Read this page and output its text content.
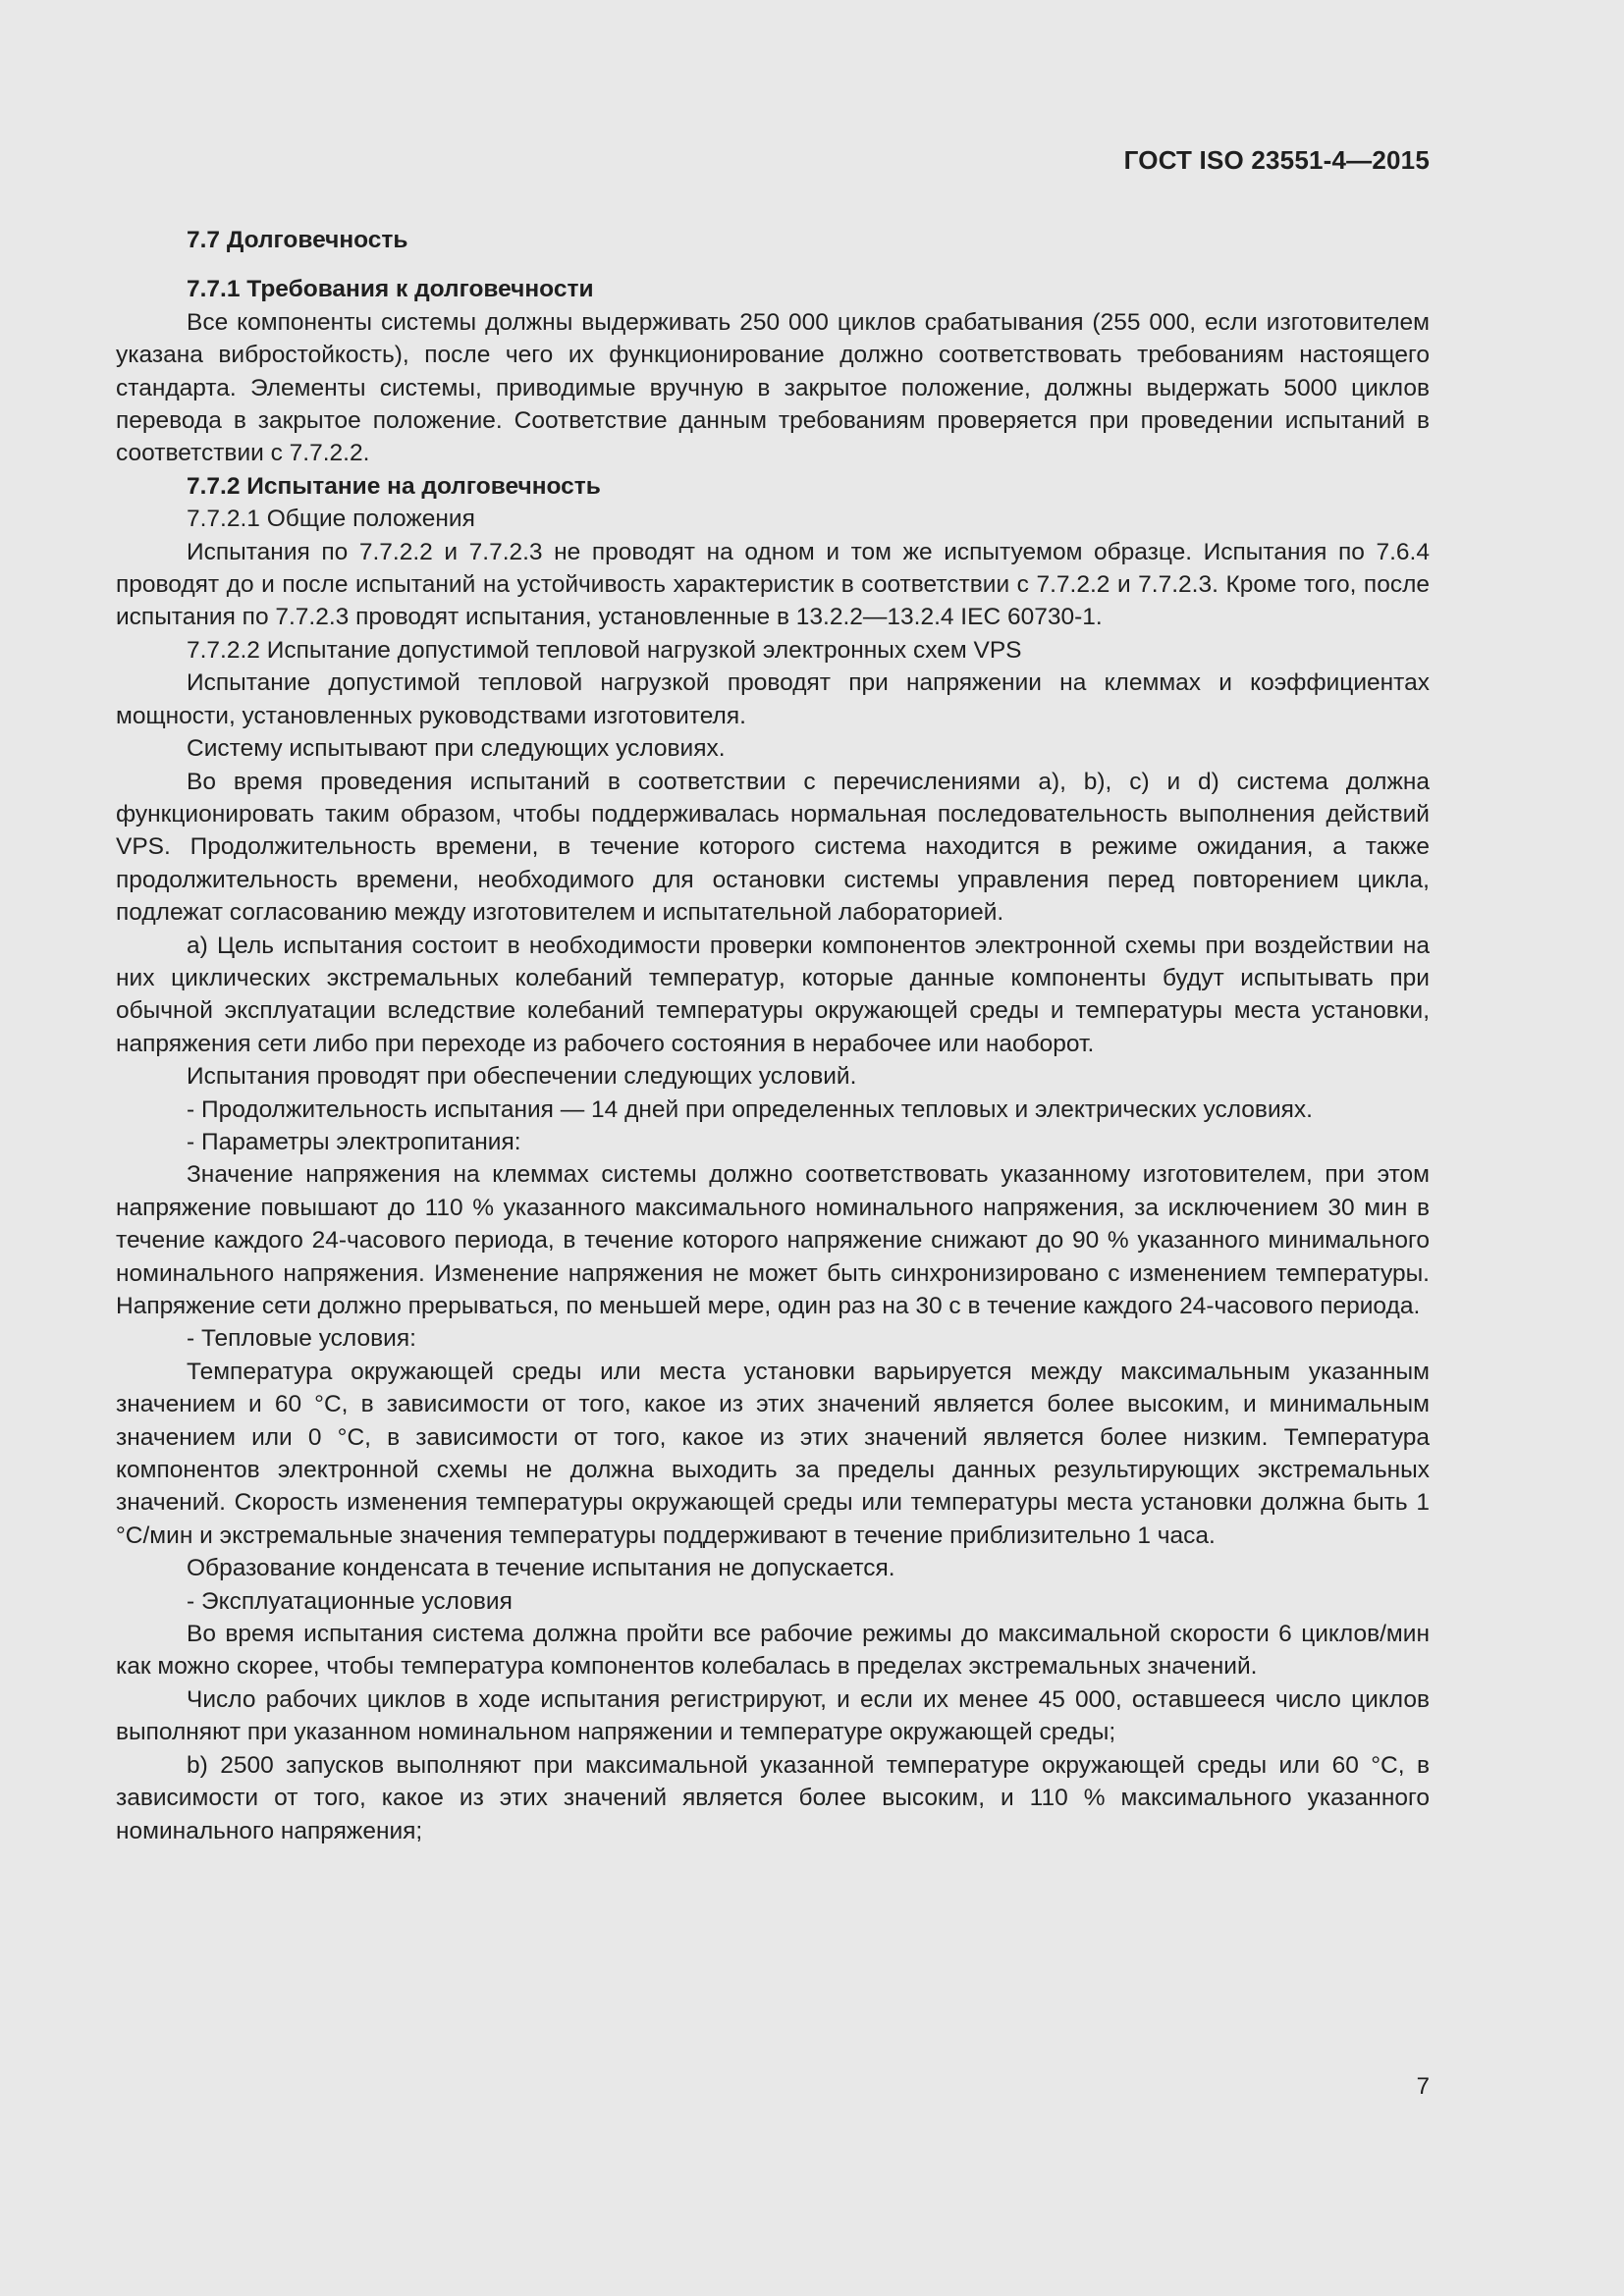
ГОСТ ISO 23551-4—2015

7.7 Долговечность

7.7.1 Требования к долговечности

Все компоненты системы должны выдерживать 250 000 циклов срабатывания (255 000, если изготовителем указана вибростойкость), после чего их функционирование должно соответствовать требованиям настоящего стандарта. Элементы системы, приводимые вручную в закрытое положение, должны выдержать 5000 циклов перевода в закрытое положение. Соответствие данным требованиям проверяется при проведении испытаний в соответствии с 7.7.2.2.

7.7.2 Испытание на долговечность

7.7.2.1 Общие положения

Испытания по 7.7.2.2 и 7.7.2.3 не проводят на одном и том же испытуемом образце. Испытания по 7.6.4 проводят до и после испытаний на устойчивость характеристик в соответствии с 7.7.2.2 и 7.7.2.3. Кроме того, после испытания по 7.7.2.3 проводят испытания, установленные в 13.2.2—13.2.4 IEC 60730-1.

7.7.2.2 Испытание допустимой тепловой нагрузкой электронных схем VPS

Испытание допустимой тепловой нагрузкой проводят при напряжении на клеммах и коэффициентах мощности, установленных руководствами изготовителя.

Систему испытывают при следующих условиях.

Во время проведения испытаний в соответствии с перечислениями а), b), c) и d) система должна функционировать таким образом, чтобы поддерживалась нормальная последовательность выполнения действий VPS. Продолжительность времени, в течение которого система находится в режиме ожидания, а также продолжительность времени, необходимого для остановки системы управления перед повторением цикла, подлежат согласованию между изготовителем и испытательной лабораторией.

а) Цель испытания состоит в необходимости проверки компонентов электронной схемы при воздействии на них циклических экстремальных колебаний температур, которые данные компоненты будут испытывать при обычной эксплуатации вследствие колебаний температуры окружающей среды и температуры места установки, напряжения сети либо при переходе из рабочего состояния в нерабочее или наоборот.

Испытания проводят при обеспечении следующих условий.

- Продолжительность испытания — 14 дней при определенных тепловых и электрических условиях.

- Параметры электропитания:

Значение напряжения на клеммах системы должно соответствовать указанному изготовителем, при этом напряжение повышают до 110 % указанного максимального номинального напряжения, за исключением 30 мин в течение каждого 24-часового периода, в течение которого напряжение снижают до 90 % указанного минимального номинального напряжения. Изменение напряжения не может быть синхронизировано с изменением температуры. Напряжение сети должно прерываться, по меньшей мере, один раз на 30 с в течение каждого 24-часового периода.

- Тепловые условия:

Температура окружающей среды или места установки варьируется между максимальным указанным значением и 60 °С, в зависимости от того, какое из этих значений является более высоким, и минимальным значением или 0 °С, в зависимости от того, какое из этих значений является более низким. Температура компонентов электронной схемы не должна выходить за пределы данных результирующих экстремальных значений. Скорость изменения температуры окружающей среды или температуры места установки должна быть 1 °С/мин и экстремальные значения температуры поддерживают в течение приблизительно 1 часа.

Образование конденсата в течение испытания не допускается.

- Эксплуатационные условия

Во время испытания система должна пройти все рабочие режимы до максимальной скорости 6 циклов/мин как можно скорее, чтобы температура компонентов колебалась в пределах экстремальных значений.

Число рабочих циклов в ходе испытания регистрируют, и если их менее 45 000, оставшееся число циклов выполняют при указанном номинальном напряжении и температуре окружающей среды;

b) 2500 запусков выполняют при максимальной указанной температуре окружающей среды или 60 °С, в зависимости от того, какое из этих значений является более высоким, и 110 % максимального указанного номинального напряжения;

7
